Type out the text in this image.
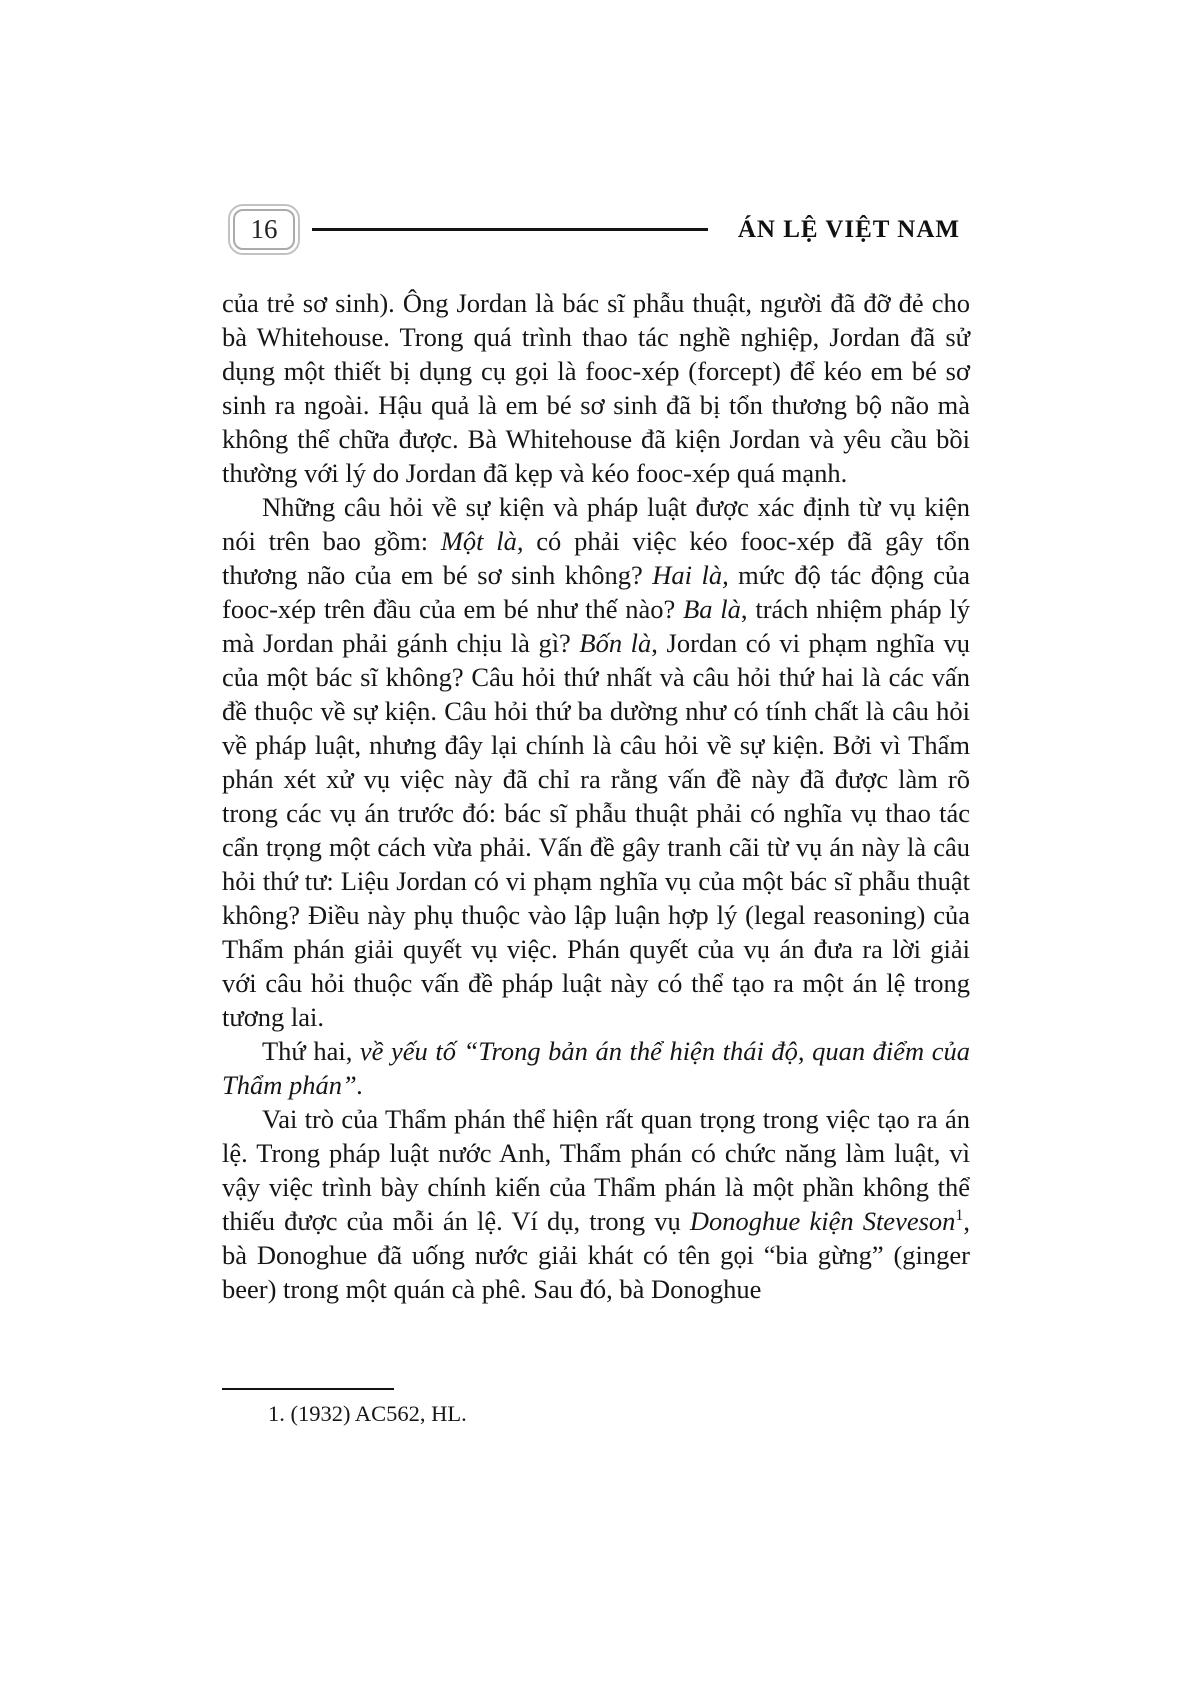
16	ÁN LỆ VIỆT NAM

của trẻ sơ sinh). Ông Jordan là bác sĩ phẫu thuật, người đã đỡ đẻ cho bà Whitehouse. Trong quá trình thao tác nghề nghiệp, Jordan đã sử dụng một thiết bị dụng cụ gọi là fooc-xép (forcept) để kéo em bé sơ sinh ra ngoài. Hậu quả là em bé sơ sinh đã bị tổn thương bộ não mà không thể chữa được. Bà Whitehouse đã kiện Jordan và yêu cầu bồi thường với lý do Jordan đã kẹp và kéo fooc-xép quá mạnh.

Những câu hỏi về sự kiện và pháp luật được xác định từ vụ kiện nói trên bao gồm: Một là, có phải việc kéo fooc-xép đã gây tổn thương não của em bé sơ sinh không? Hai là, mức độ tác động của fooc-xép trên đầu của em bé như thế nào? Ba là, trách nhiệm pháp lý mà Jordan phải gánh chịu là gì? Bốn là, Jordan có vi phạm nghĩa vụ của một bác sĩ không? Câu hỏi thứ nhất và câu hỏi thứ hai là các vấn đề thuộc về sự kiện. Câu hỏi thứ ba dường như có tính chất là câu hỏi về pháp luật, nhưng đây lại chính là câu hỏi về sự kiện. Bởi vì Thẩm phán xét xử vụ việc này đã chỉ ra rằng vấn đề này đã được làm rõ trong các vụ án trước đó: bác sĩ phẫu thuật phải có nghĩa vụ thao tác cẩn trọng một cách vừa phải. Vấn đề gây tranh cãi từ vụ án này là câu hỏi thứ tư: Liệu Jordan có vi phạm nghĩa vụ của một bác sĩ phẫu thuật không? Điều này phụ thuộc vào lập luận hợp lý (legal reasoning) của Thẩm phán giải quyết vụ việc. Phán quyết của vụ án đưa ra lời giải với câu hỏi thuộc vấn đề pháp luật này có thể tạo ra một án lệ trong tương lai.

Thứ hai, về yếu tố “Trong bản án thể hiện thái độ, quan điểm của Thẩm phán”.

Vai trò của Thẩm phán thể hiện rất quan trọng trong việc tạo ra án lệ. Trong pháp luật nước Anh, Thẩm phán có chức năng làm luật, vì vậy việc trình bày chính kiến của Thẩm phán là một phần không thể thiếu được của mỗi án lệ. Ví dụ, trong vụ Donoghue kiện Steveson$^1$, bà Donoghue đã uống nước giải khát có tên gọi “bia gừng” (ginger beer) trong một quán cà phê. Sau đó, bà Donoghue

1. (1932) AC562, HL.
